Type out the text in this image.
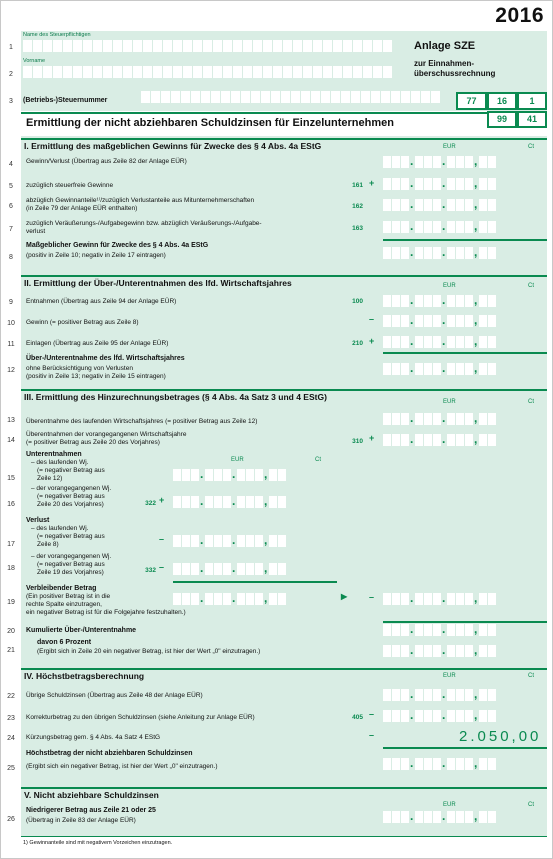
2016
1
Name des Steuerpflichtigen
2
Vorname
Anlage SZE
zur Einnahmen-
überschussrechnung
3	(Betriebs-)Steuernummer	77	16	1
Ermittlung der nicht abziehbaren Schuldzinsen für Einzelunternehmen	99	41
I. Ermittlung des maßgeblichen Gewinns für Zwecke des § 4 Abs. 4a EStG	EUR	Ct
4	Gewinn/Verlust (Übertrag aus Zeile 82 der Anlage EÜR)	. . ,
5	zuzüglich steuerfreie Gewinne	161 +	. . ,
6
abzüglich Gewinnanteile¹⁾/zuzüglich Verlustanteile aus Mitunternehmerschaften
(in Zeile 79 der Anlage EÜR enthalten)	162	. . ,
7
zuzüglich Veräußerungs-/Aufgabegewinn bzw. abzüglich Veräußerungs-/Aufgabe-
verlust	163	. . ,
8
Maßgeblicher Gewinn für Zwecke des § 4 Abs. 4a EStG
(positiv in Zeile 10; negativ in Zeile 17 eintragen)	. . ,
II. Ermittlung der Über-/Unterentnahmen des lfd. Wirtschaftsjahres	EUR	Ct
9	Entnahmen (Übertrag aus Zeile 94 der Anlage EÜR)	100	. . ,
10 Gewinn (= positiver Betrag aus Zeile 8)	–	. . ,
11 Einlagen (Übertrag aus Zeile 95 der Anlage EÜR)	210 +	. . ,
12
Über-/Unterentnahme des lfd. Wirtschaftsjahres
ohne Berücksichtigung von Verlusten
(positiv in Zeile 13; negativ in Zeile 15 eintragen)
. . ,
III. Ermittlung des Hinzurechnungsbetrages (§ 4 Abs. 4a Satz 3 und 4 EStG)	EUR	Ct
13 Überentnahme des laufenden Wirtschaftsjahres (= positiver Betrag aus Zeile 12)	. . ,
14
Überentnahmen der vorangegangenen Wirtschaftsjahre
(= positiver Betrag aus Zeile 20 des Vorjahres)	310 +	. . ,
Unterentnahmen
EUR	Ct
15
– des laufenden Wj.
(= negativer Betrag aus
Zeile 12)	. . ,
16
– der vorangegangenen Wj.
(= negativer Betrag aus
Zeile 20 des Vorjahres)	322 +	. . ,
Verlust
17
– des laufenden Wj.
(= negativer Betrag aus
Zeile 8)
–	. . ,
18
– der vorangegangenen Wj.
(= negativer Betrag aus
Zeile 19 des Vorjahres)	332 –	. . ,
19
Verbleibender Betrag
(Ein positiver Betrag ist in die
rechte Spalte einzutragen,
ein negativer Betrag ist für die Folgejahre festzuhalten.)
. . ,	▶ –	. . ,
20 Kumulierte Über-/Unterentnahme	. . ,
21
davon 6 Prozent
(Ergibt sich in Zeile 20 ein negativer Betrag, ist hier der Wert „0" einzutragen.)	. . ,
IV. Höchstbetragsberechnung	EUR	Ct
22 Übrige Schuldzinsen (Übertrag aus Zeile 48 der Anlage EÜR)	. . ,
23 Korrekturbetrag zu den übrigen Schuldzinsen (siehe Anleitung zur Anlage EÜR)	405 –	. . ,
24 Kürzungsbetrag gem. § 4 Abs. 4a Satz 4 EStG	–	2.050,00
25
Höchstbetrag der nicht abziehbaren Schuldzinsen
(Ergibt sich ein negativer Betrag, ist hier der Wert „0" einzutragen.)	. . ,
V. Nicht abziehbare Schuldzinsen
EUR	Ct
26
Niedrigerer Betrag aus Zeile 21 oder 25
(Übertrag in Zeile 83 der Anlage EÜR)	. . ,
1) Gewinnanteile sind mit negativem Vorzeichen einzutragen.
